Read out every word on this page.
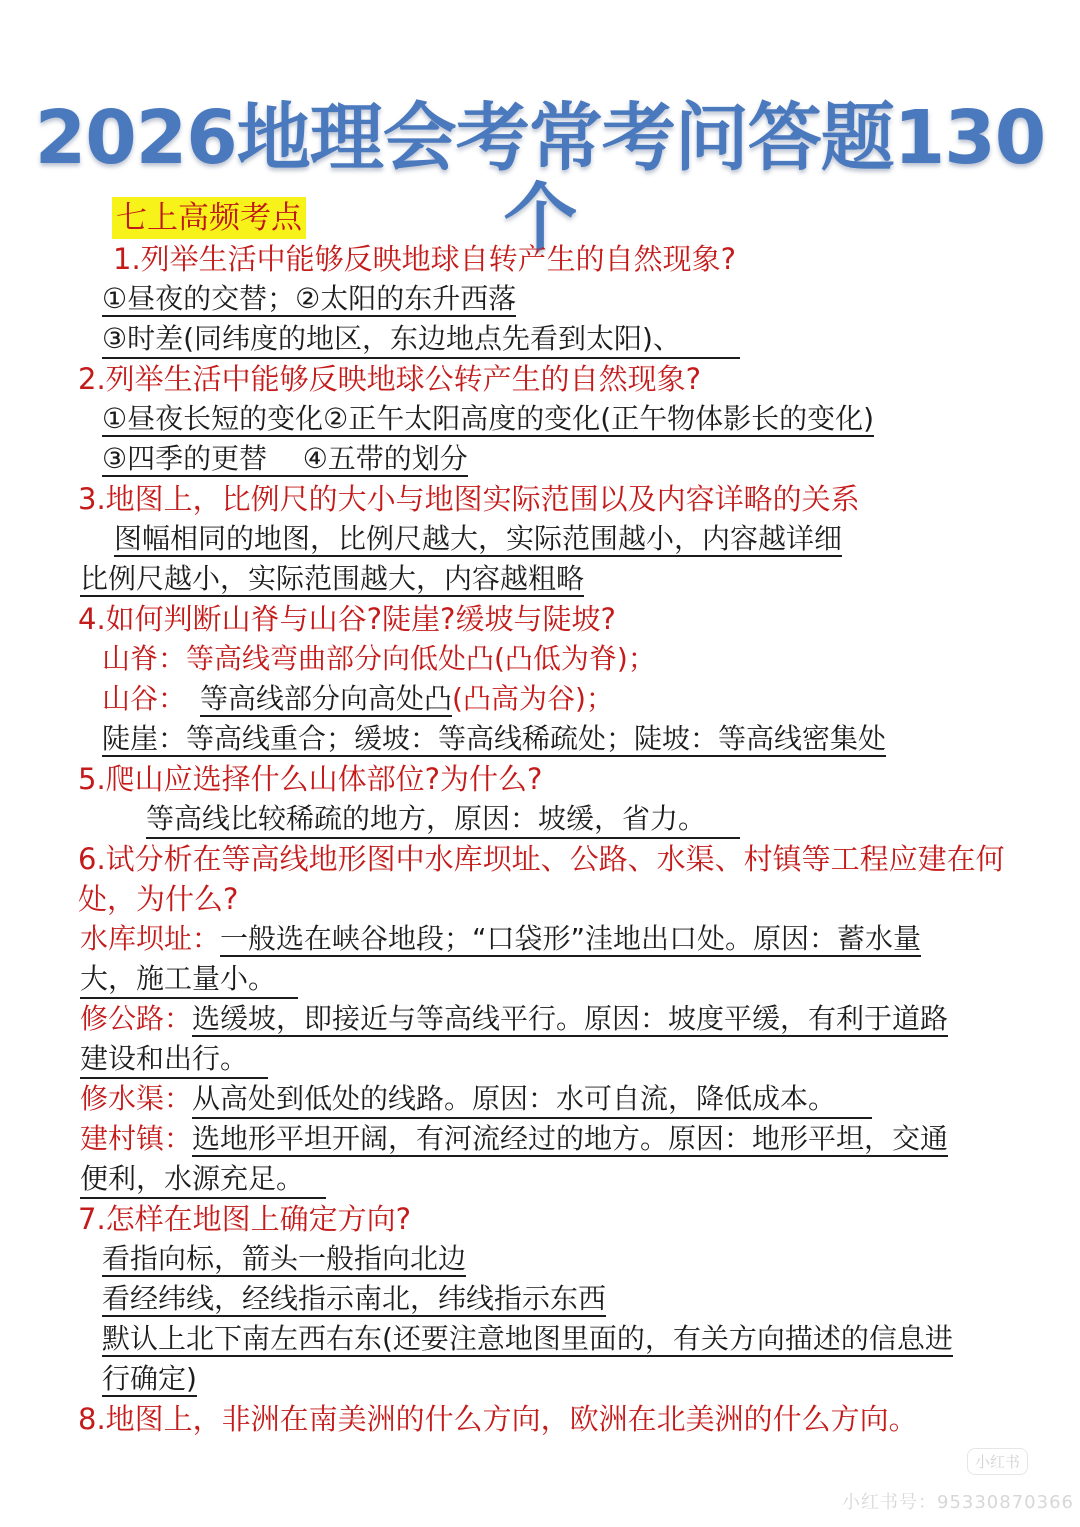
2026地理会考常考问答题130个
七上高频考点
1.列举生活中能够反映地球自转产生的自然现象?
①昼夜的交替；②太阳的东升西落
③时差(同纬度的地区，东边地点先看到太阳)、
2.列举生活中能够反映地球公转产生的自然现象?
①昼夜长短的变化②正午太阳高度的变化(正午物体影长的变化)
③四季的更替    ④五带的划分
3.地图上，比例尺的大小与地图实际范围以及内容详略的关系
图幅相同的地图，比例尺越大，实际范围越小，内容越详细
比例尺越小，实际范围越大，内容越粗略
4.如何判断山脊与山谷?陡崖?缓坡与陡坡?
山脊：等高线弯曲部分向低处凸(凸低为脊)；
山谷： 等高线部分向高处凸(凸高为谷)；
陡崖：等高线重合；缓坡：等高线稀疏处；陡坡：等高线密集处
5.爬山应选择什么山体部位?为什么?
等高线比较稀疏的地方，原因：坡缓，省力。
6.试分析在等高线地形图中水库坝址、公路、水渠、村镇等工程应建在何
处，为什么?
水库坝址：一般选在峡谷地段；“口袋形”洼地出口处。原因：蓄水量
大，施工量小。
修公路：选缓坡，即接近与等高线平行。原因：坡度平缓，有利于道路
建设和出行。
修水渠：从高处到低处的线路。原因：水可自流，降低成本。
建村镇：选地形平坦开阔，有河流经过的地方。原因：地形平坦，交通
便利，水源充足。
7.怎样在地图上确定方向?
看指向标，箭头一般指向北边
看经纬线，经线指示南北，纬线指示东西
默认上北下南左西右东(还要注意地图里面的，有关方向描述的信息进
行确定)
8.地图上，非洲在南美洲的什么方向，欧洲在北美洲的什么方向。
小红书
小红书号：95330870366
